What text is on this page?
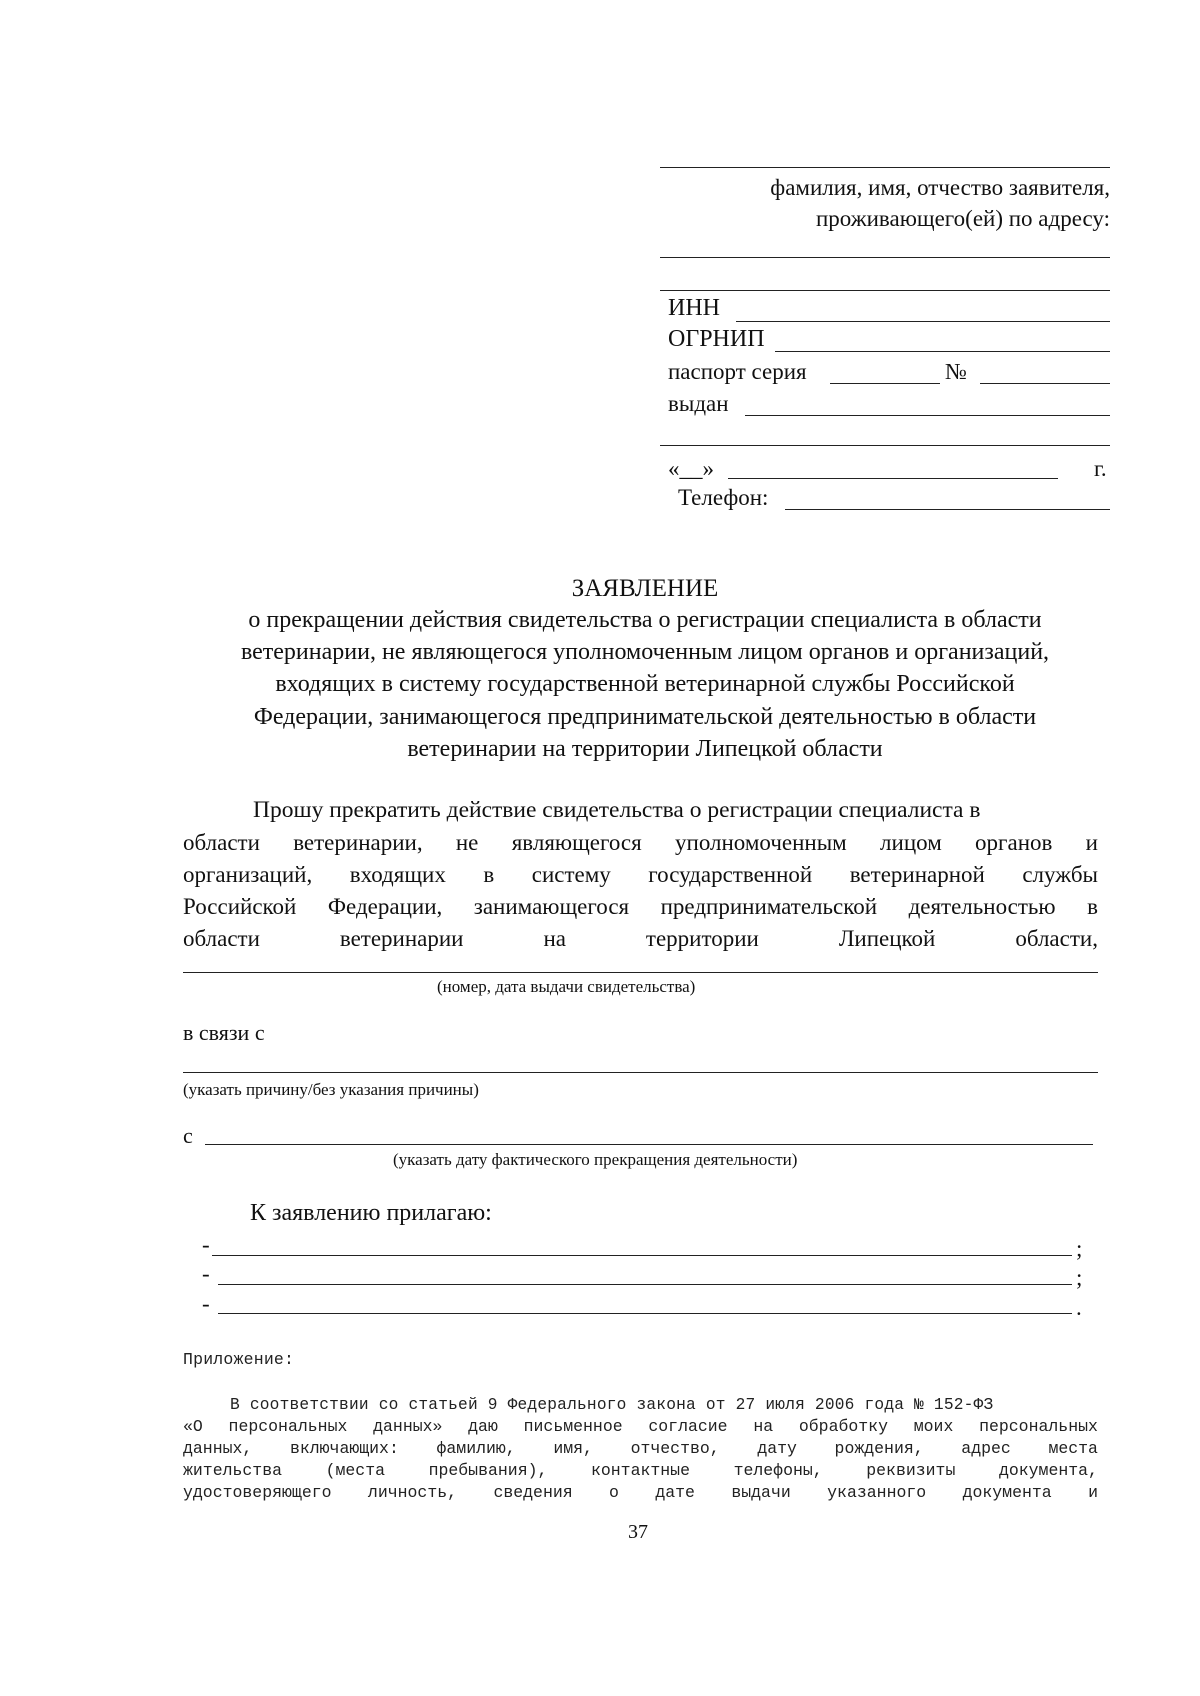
фамилия, имя, отчество заявителя,
проживающего(ей) по адресу:
ИНН
ОГРНИП
паспорт серия	№
выдан
«__»	г.
Телефон:
ЗАЯВЛЕНИЕ
о прекращении действия свидетельства о регистрации специалиста в области
ветеринарии, не являющегося уполномоченным лицом органов и организаций,
входящих в систему государственной ветеринарной службы Российской
Федерации, занимающегося предпринимательской деятельностью в области
ветеринарии на территории Липецкой области
Прошу прекратить действие свидетельства о регистрации специалиста в
области ветеринарии, не являющегося уполномоченным лицом органов и
организаций, входящих в систему государственной ветеринарной службы
Российской Федерации, занимающегося предпринимательской деятельностью в
области	ветеринарии	на	территории	Липецкой	области,
(номер, дата выдачи свидетельства)
в связи с
(указать причину/без указания причины)
с
(указать дату фактического прекращения деятельности)
К заявлению прилагаю:
-	;
-	;
-	.
Приложение:
В соответствии со статьей 9 Федерального закона от 27 июля 2006 года № 152-ФЗ
«О персональных данных» даю письменное согласие на обработку моих персональных
данных, включающих: фамилию, имя, отчество, дату рождения, адрес места
жительства	(места	пребывания),	контактные	телефоны,	реквизиты	документа,
удостоверяющего личность, сведения о дате выдачи указанного документа и
37
